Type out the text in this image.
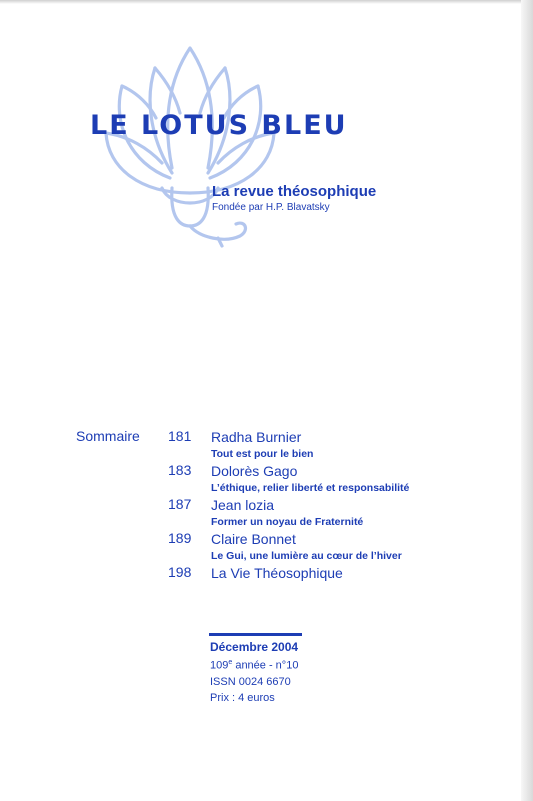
LE LOTUS BLEU
La revue théosophique
Fondée par H.P. Blavatsky
Sommaire 181 Radha Burnier
Tout est pour le bien
183 Dolorès Gago
L’éthique, relier liberté et responsabilité
187 Jean lozia
Former un noyau de Fraternité
189 Claire Bonnet
Le Gui, une lumière au cœur de l’hiver
198 La Vie Théosophique
Décembre 2004
109e année - n°10
ISSN 0024 6670
Prix : 4 euros
